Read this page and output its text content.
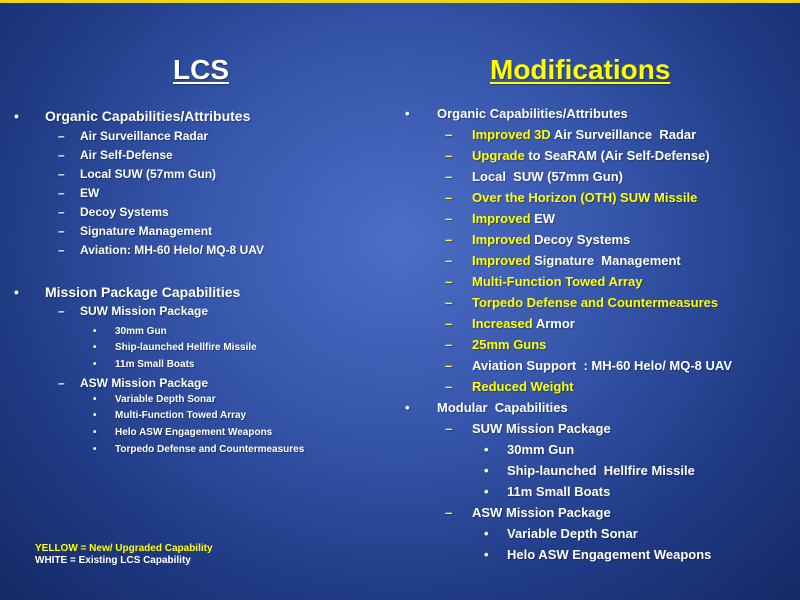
LCS	Modifications
• Organic Capabilities/Attributes
– Air Surveillance Radar
– Air Self-Defense
– Local SUW (57mm Gun)
– EW
– Decoy Systems
– Signature Management
– Aviation: MH-60 Helo/ MQ-8 UAV
• Mission Package Capabilities
– SUW Mission Package
• 30mm Gun
• Ship-launched Hellfire Missile
• 11m Small Boats
– ASW Mission Package
• Variable Depth Sonar
• Multi-Function Towed Array
• Helo ASW Engagement Weapons
• Torpedo Defense and Countermeasures
• Organic Capabilities/Attributes
– Improved 3D Air Surveillance  Radar
– Upgrade to SeaRAM (Air Self-Defense)
– Local  SUW (57mm Gun)
– Over the Horizon (OTH) SUW Missile
– Improved EW
– Improved Decoy Systems
– Improved Signature  Management
– Multi-Function Towed Array
– Torpedo Defense and Countermeasures
– Increased Armor
– 25mm Guns
– Aviation Support  : MH-60 Helo/ MQ-8 UAV
– Reduced Weight
• Modular  Capabilities
– SUW Mission Package
• 30mm Gun
• Ship-launched  Hellfire Missile
• 11m Small Boats
– ASW Mission Package
• Variable Depth Sonar
• Helo ASW Engagement Weapons
YELLOW = New/ Upgraded Capability
WHITE = Existing LCS Capability
